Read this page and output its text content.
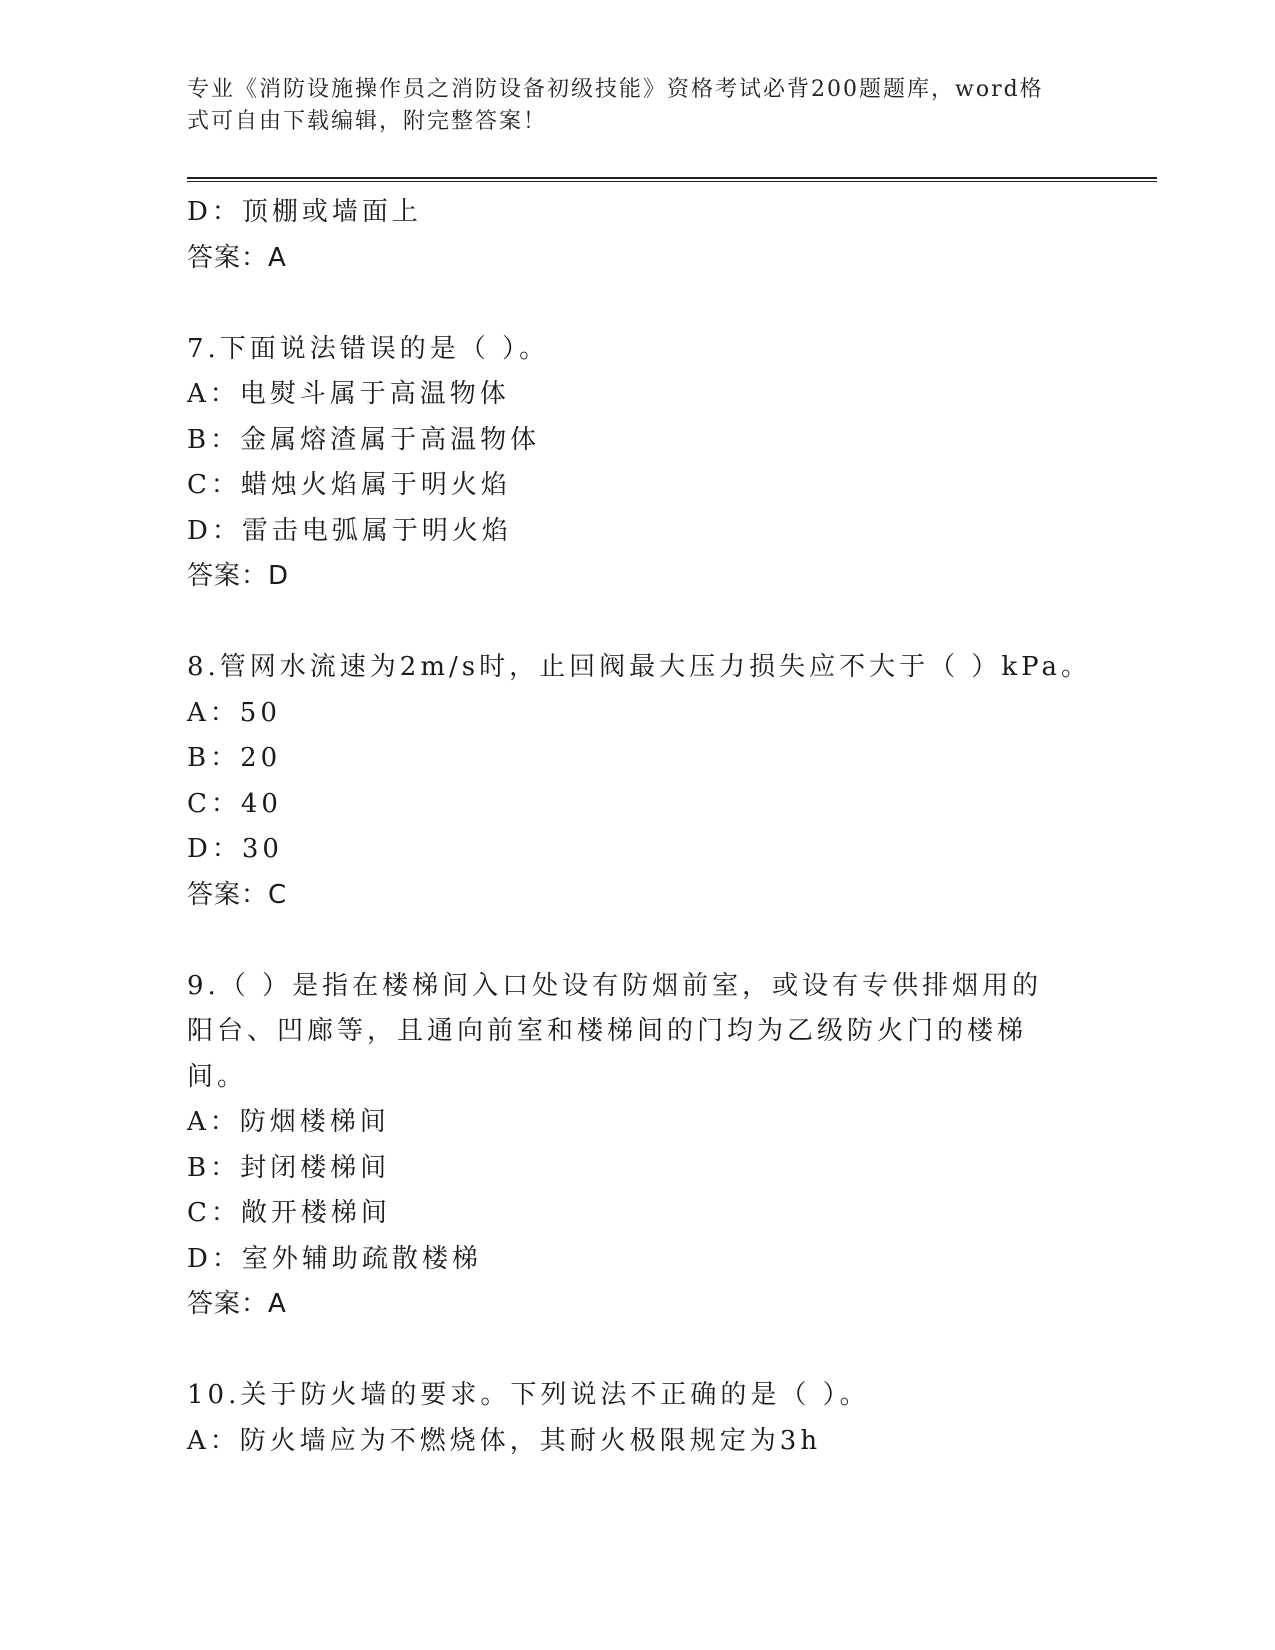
专业《消防设施操作员之消防设备初级技能》资格考试必背200题题库，word格式可自由下载编辑，附完整答案！
D：顶棚或墙面上
答案：A
7.下面说法错误的是（ ）。
A：电熨斗属于高温物体
B：金属熔渣属于高温物体
C：蜡烛火焰属于明火焰
D：雷击电弧属于明火焰
答案：D
8.管网水流速为2m/s时，止回阀最大压力损失应不大于（ ）kPa。
A：50
B：20
C：40
D：30
答案：C
9.（ ）是指在楼梯间入口处设有防烟前室，或设有专供排烟用的阳台、凹廊等，且通向前室和楼梯间的门均为乙级防火门的楼梯间。
A：防烟楼梯间
B：封闭楼梯间
C：敞开楼梯间
D：室外辅助疏散楼梯
答案：A
10.关于防火墙的要求。下列说法不正确的是（ ）。
A：防火墙应为不燃烧体，其耐火极限规定为3h
